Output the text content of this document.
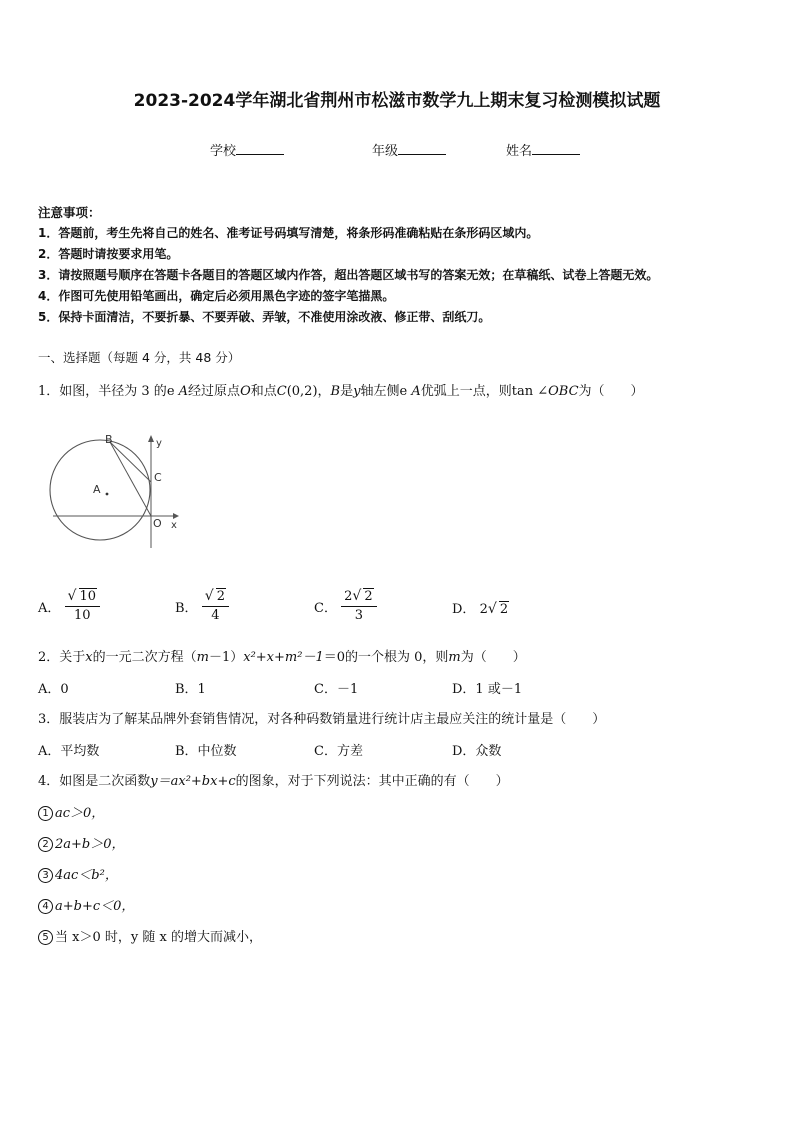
2023-2024学年湖北省荆州市松滋市数学九上期末复习检测模拟试题
学校	年级	姓名
注意事项：
1．答题前，考生先将自己的姓名、准考证号码填写清楚，将条形码准确粘贴在条形码区域内。
2．答题时请按要求用笔。
3．请按照题号顺序在答题卡各题目的答题区域内作答，超出答题区域书写的答案无效；在草稿纸、试卷上答题无效。
4．作图可先使用铅笔画出，确定后必须用黑色字迹的签字笔描黑。
5．保持卡面清洁，不要折暴、不要弄破、弄皱，不准使用涂改液、修正带、刮纸刀。
一、选择题（每题 4 分，共 48 分）
1．如图，半径为 3 的e A经过原点O和点C(0,2)，B是y轴左侧e A优弧上一点，则tan ∠OBC为（　　）
B
C
A
O x
y
A． √ $\frac{10}{10}$	B． √ $\frac{2}{4}$	C． $\frac{2 √ 2}{3}$	D． 2 √ 2
2．关于x的一元二次方程（m－1）x²+x+m²－1＝0的一个根为 0，则m为（　　）
A．0	B．1	C．－1	D．1 或－1
3．服装店为了解某品牌外套销售情况，对各种码数销量进行统计店主最应关注的统计量是（　　）
A．平均数	B．中位数	C．方差	D．众数
4．如图是二次函数y＝ax²+bx+c的图象，对于下列说法：其中正确的有（　　）
1 ac＞0，
2 2a+b＞0，
3 4ac＜b²，
4 a+b+c＜0，
5 当 x＞0 时，y 随 x 的增大而减小，
